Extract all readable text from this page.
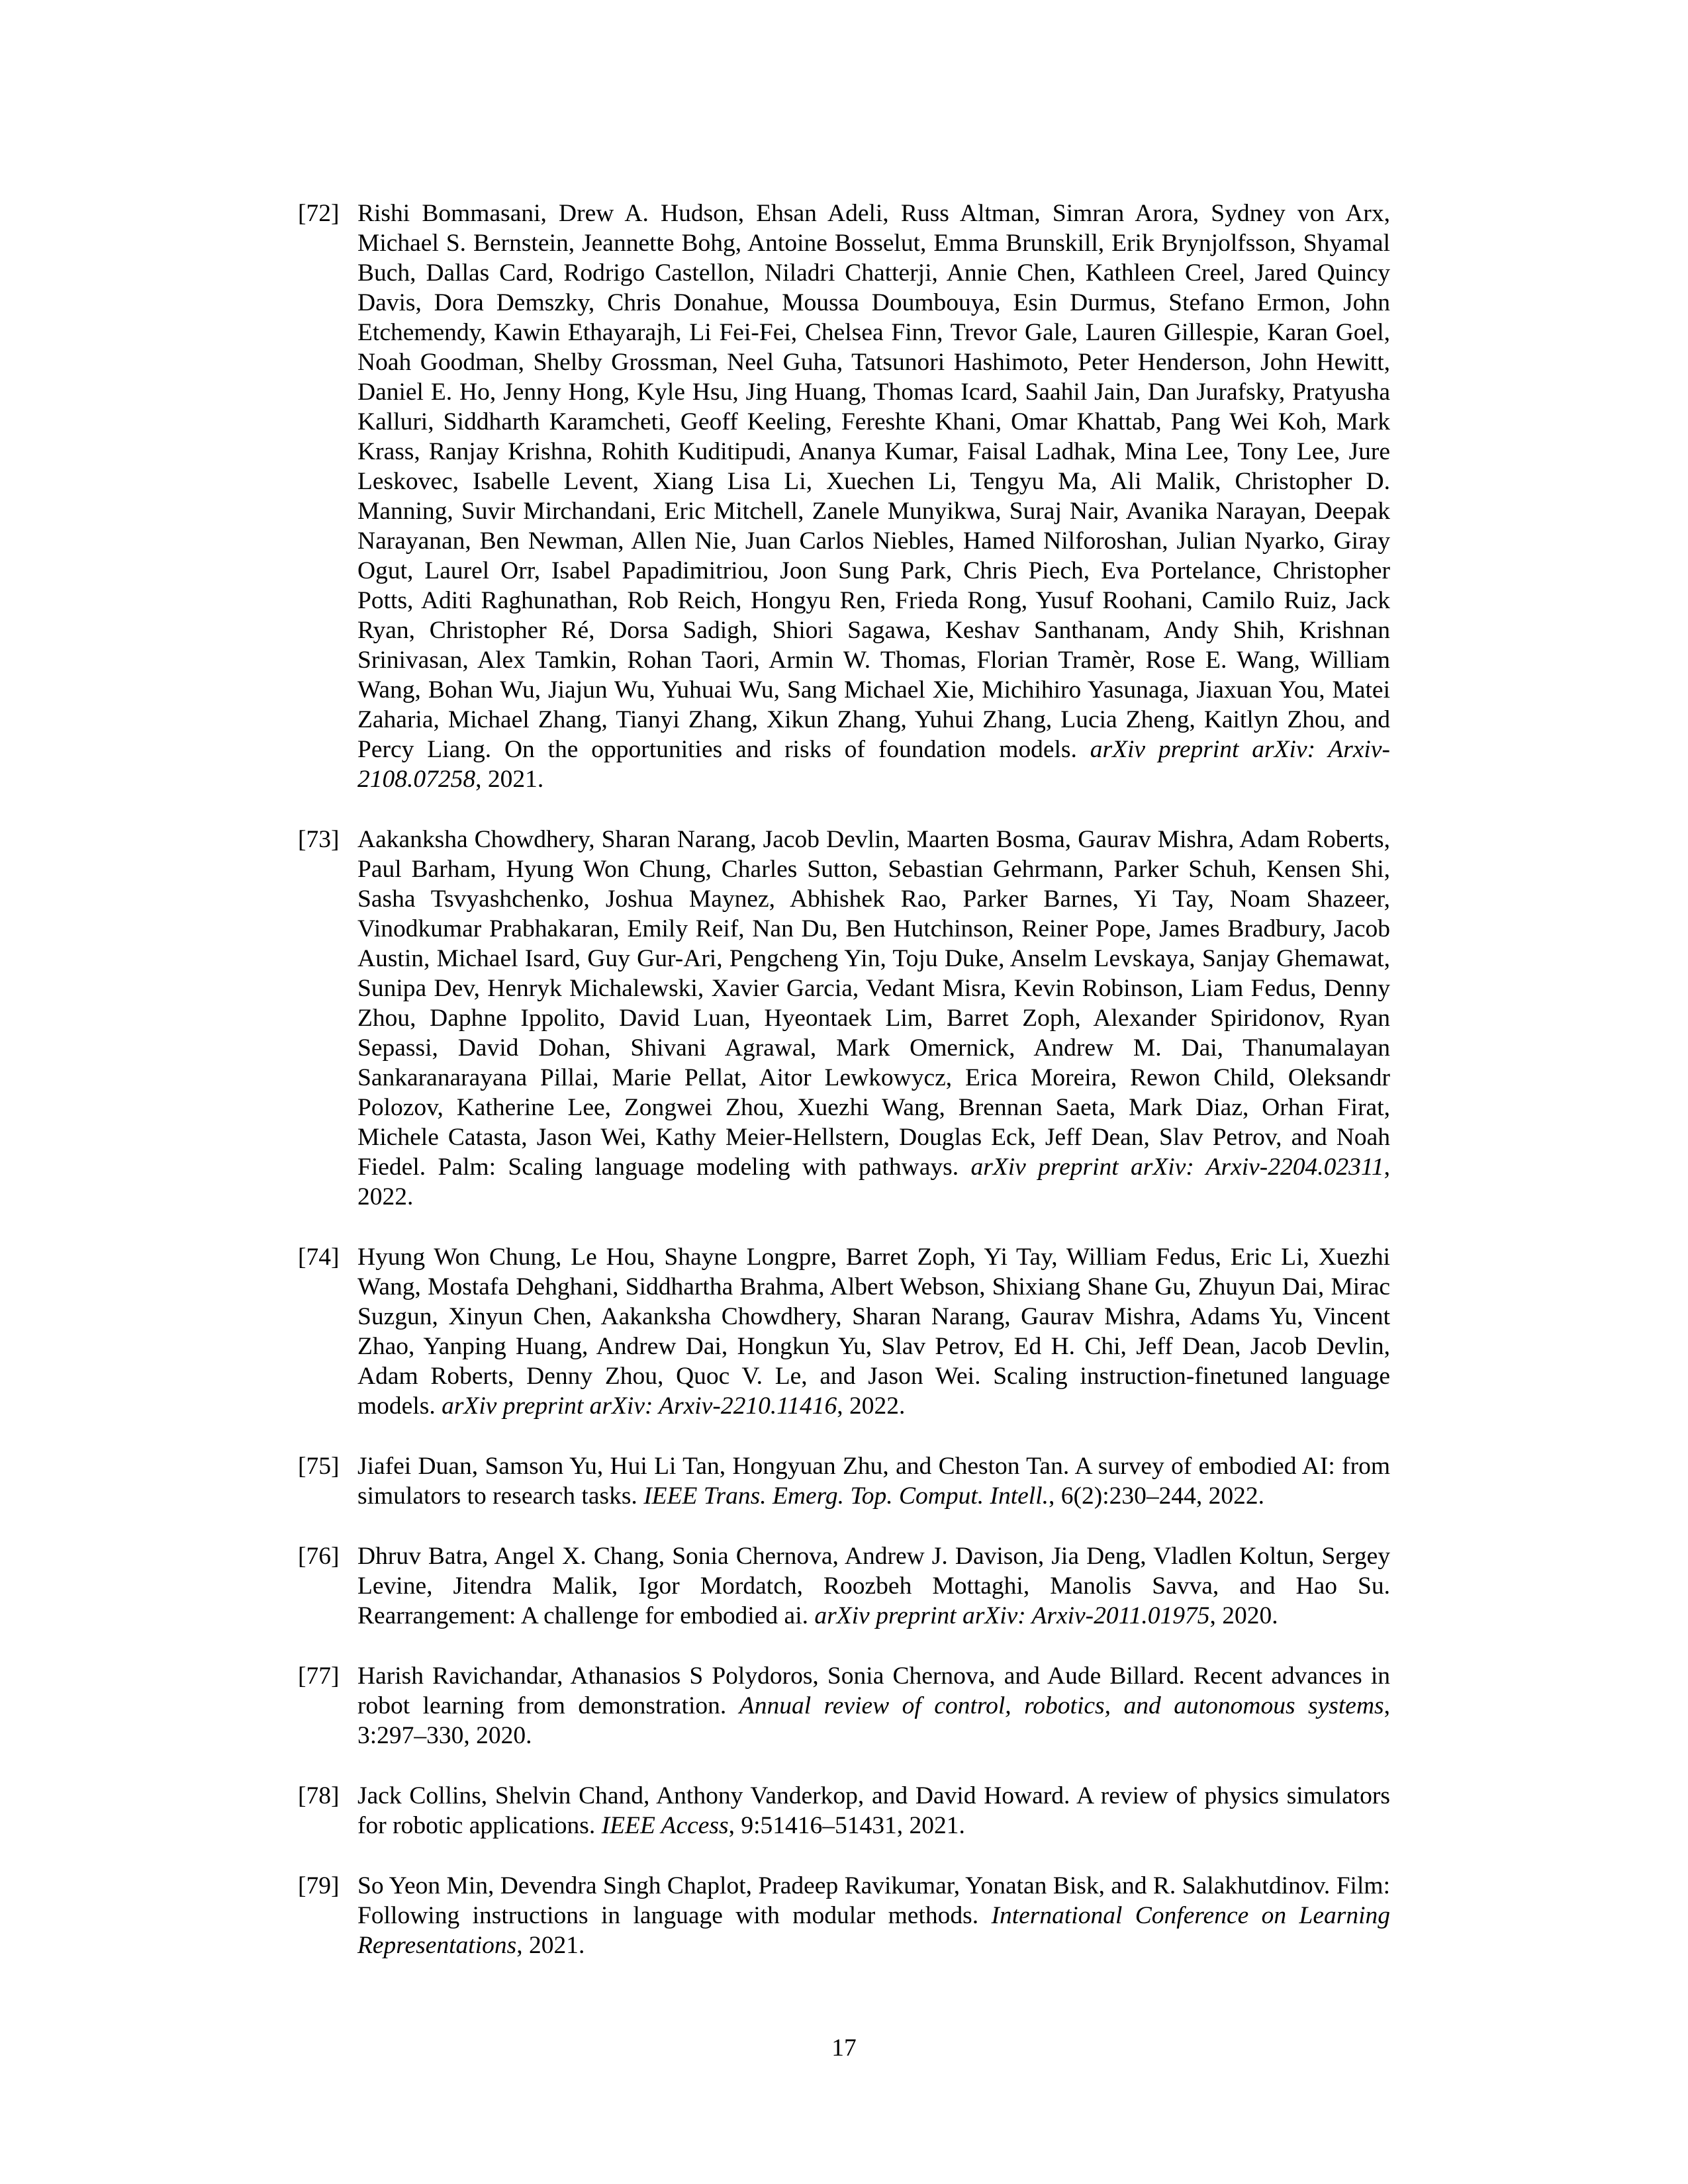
[72] Rishi Bommasani, Drew A. Hudson, Ehsan Adeli, Russ Altman, Simran Arora, Sydney von Arx, Michael S. Bernstein, Jeannette Bohg, Antoine Bosselut, Emma Brunskill, Erik Brynjolfsson, Shyamal Buch, Dallas Card, Rodrigo Castellon, Niladri Chatterji, Annie Chen, Kathleen Creel, Jared Quincy Davis, Dora Demszky, Chris Donahue, Moussa Doumbouya, Esin Durmus, Stefano Ermon, John Etchemendy, Kawin Ethayarajh, Li Fei-Fei, Chelsea Finn, Trevor Gale, Lauren Gillespie, Karan Goel, Noah Goodman, Shelby Grossman, Neel Guha, Tatsunori Hashimoto, Peter Henderson, John Hewitt, Daniel E. Ho, Jenny Hong, Kyle Hsu, Jing Huang, Thomas Icard, Saahil Jain, Dan Jurafsky, Pratyusha Kalluri, Siddharth Karamcheti, Geoff Keeling, Fereshte Khani, Omar Khattab, Pang Wei Koh, Mark Krass, Ranjay Krishna, Rohith Kuditipudi, Ananya Kumar, Faisal Ladhak, Mina Lee, Tony Lee, Jure Leskovec, Isabelle Levent, Xiang Lisa Li, Xuechen Li, Tengyu Ma, Ali Malik, Christopher D. Manning, Suvir Mirchandani, Eric Mitchell, Zanele Munyikwa, Suraj Nair, Avanika Narayan, Deepak Narayanan, Ben Newman, Allen Nie, Juan Carlos Niebles, Hamed Nilforoshan, Julian Nyarko, Giray Ogut, Laurel Orr, Isabel Papadimitriou, Joon Sung Park, Chris Piech, Eva Portelance, Christopher Potts, Aditi Raghunathan, Rob Reich, Hongyu Ren, Frieda Rong, Yusuf Roohani, Camilo Ruiz, Jack Ryan, Christopher Ré, Dorsa Sadigh, Shiori Sagawa, Keshav Santhanam, Andy Shih, Krishnan Srinivasan, Alex Tamkin, Rohan Taori, Armin W. Thomas, Florian Tramèr, Rose E. Wang, William Wang, Bohan Wu, Jiajun Wu, Yuhuai Wu, Sang Michael Xie, Michihiro Yasunaga, Jiaxuan You, Matei Zaharia, Michael Zhang, Tianyi Zhang, Xikun Zhang, Yuhui Zhang, Lucia Zheng, Kaitlyn Zhou, and Percy Liang. On the opportunities and risks of foundation models. arXiv preprint arXiv: Arxiv-2108.07258, 2021.
[73] Aakanksha Chowdhery, Sharan Narang, Jacob Devlin, Maarten Bosma, Gaurav Mishra, Adam Roberts, Paul Barham, Hyung Won Chung, Charles Sutton, Sebastian Gehrmann, Parker Schuh, Kensen Shi, Sasha Tsvyashchenko, Joshua Maynez, Abhishek Rao, Parker Barnes, Yi Tay, Noam Shazeer, Vinodkumar Prabhakaran, Emily Reif, Nan Du, Ben Hutchinson, Reiner Pope, James Bradbury, Jacob Austin, Michael Isard, Guy Gur-Ari, Pengcheng Yin, Toju Duke, Anselm Levskaya, Sanjay Ghemawat, Sunipa Dev, Henryk Michalewski, Xavier Garcia, Vedant Misra, Kevin Robinson, Liam Fedus, Denny Zhou, Daphne Ippolito, David Luan, Hyeontaek Lim, Barret Zoph, Alexander Spiridonov, Ryan Sepassi, David Dohan, Shivani Agrawal, Mark Omernick, Andrew M. Dai, Thanumalayan Sankaranarayana Pillai, Marie Pellat, Aitor Lewkowycz, Erica Moreira, Rewon Child, Oleksandr Polozov, Katherine Lee, Zongwei Zhou, Xuezhi Wang, Brennan Saeta, Mark Diaz, Orhan Firat, Michele Catasta, Jason Wei, Kathy Meier-Hellstern, Douglas Eck, Jeff Dean, Slav Petrov, and Noah Fiedel. Palm: Scaling language modeling with pathways. arXiv preprint arXiv: Arxiv-2204.02311, 2022.
[74] Hyung Won Chung, Le Hou, Shayne Longpre, Barret Zoph, Yi Tay, William Fedus, Eric Li, Xuezhi Wang, Mostafa Dehghani, Siddhartha Brahma, Albert Webson, Shixiang Shane Gu, Zhuyun Dai, Mirac Suzgun, Xinyun Chen, Aakanksha Chowdhery, Sharan Narang, Gaurav Mishra, Adams Yu, Vincent Zhao, Yanping Huang, Andrew Dai, Hongkun Yu, Slav Petrov, Ed H. Chi, Jeff Dean, Jacob Devlin, Adam Roberts, Denny Zhou, Quoc V. Le, and Jason Wei. Scaling instruction-finetuned language models. arXiv preprint arXiv: Arxiv-2210.11416, 2022.
[75] Jiafei Duan, Samson Yu, Hui Li Tan, Hongyuan Zhu, and Cheston Tan. A survey of embodied AI: from simulators to research tasks. IEEE Trans. Emerg. Top. Comput. Intell., 6(2):230–244, 2022.
[76] Dhruv Batra, Angel X. Chang, Sonia Chernova, Andrew J. Davison, Jia Deng, Vladlen Koltun, Sergey Levine, Jitendra Malik, Igor Mordatch, Roozbeh Mottaghi, Manolis Savva, and Hao Su. Rearrangement: A challenge for embodied ai. arXiv preprint arXiv: Arxiv-2011.01975, 2020.
[77] Harish Ravichandar, Athanasios S Polydoros, Sonia Chernova, and Aude Billard. Recent advances in robot learning from demonstration. Annual review of control, robotics, and autonomous systems, 3:297–330, 2020.
[78] Jack Collins, Shelvin Chand, Anthony Vanderkop, and David Howard. A review of physics simulators for robotic applications. IEEE Access, 9:51416–51431, 2021.
[79] So Yeon Min, Devendra Singh Chaplot, Pradeep Ravikumar, Yonatan Bisk, and R. Salakhutdinov. Film: Following instructions in language with modular methods. International Conference on Learning Representations, 2021.
17
